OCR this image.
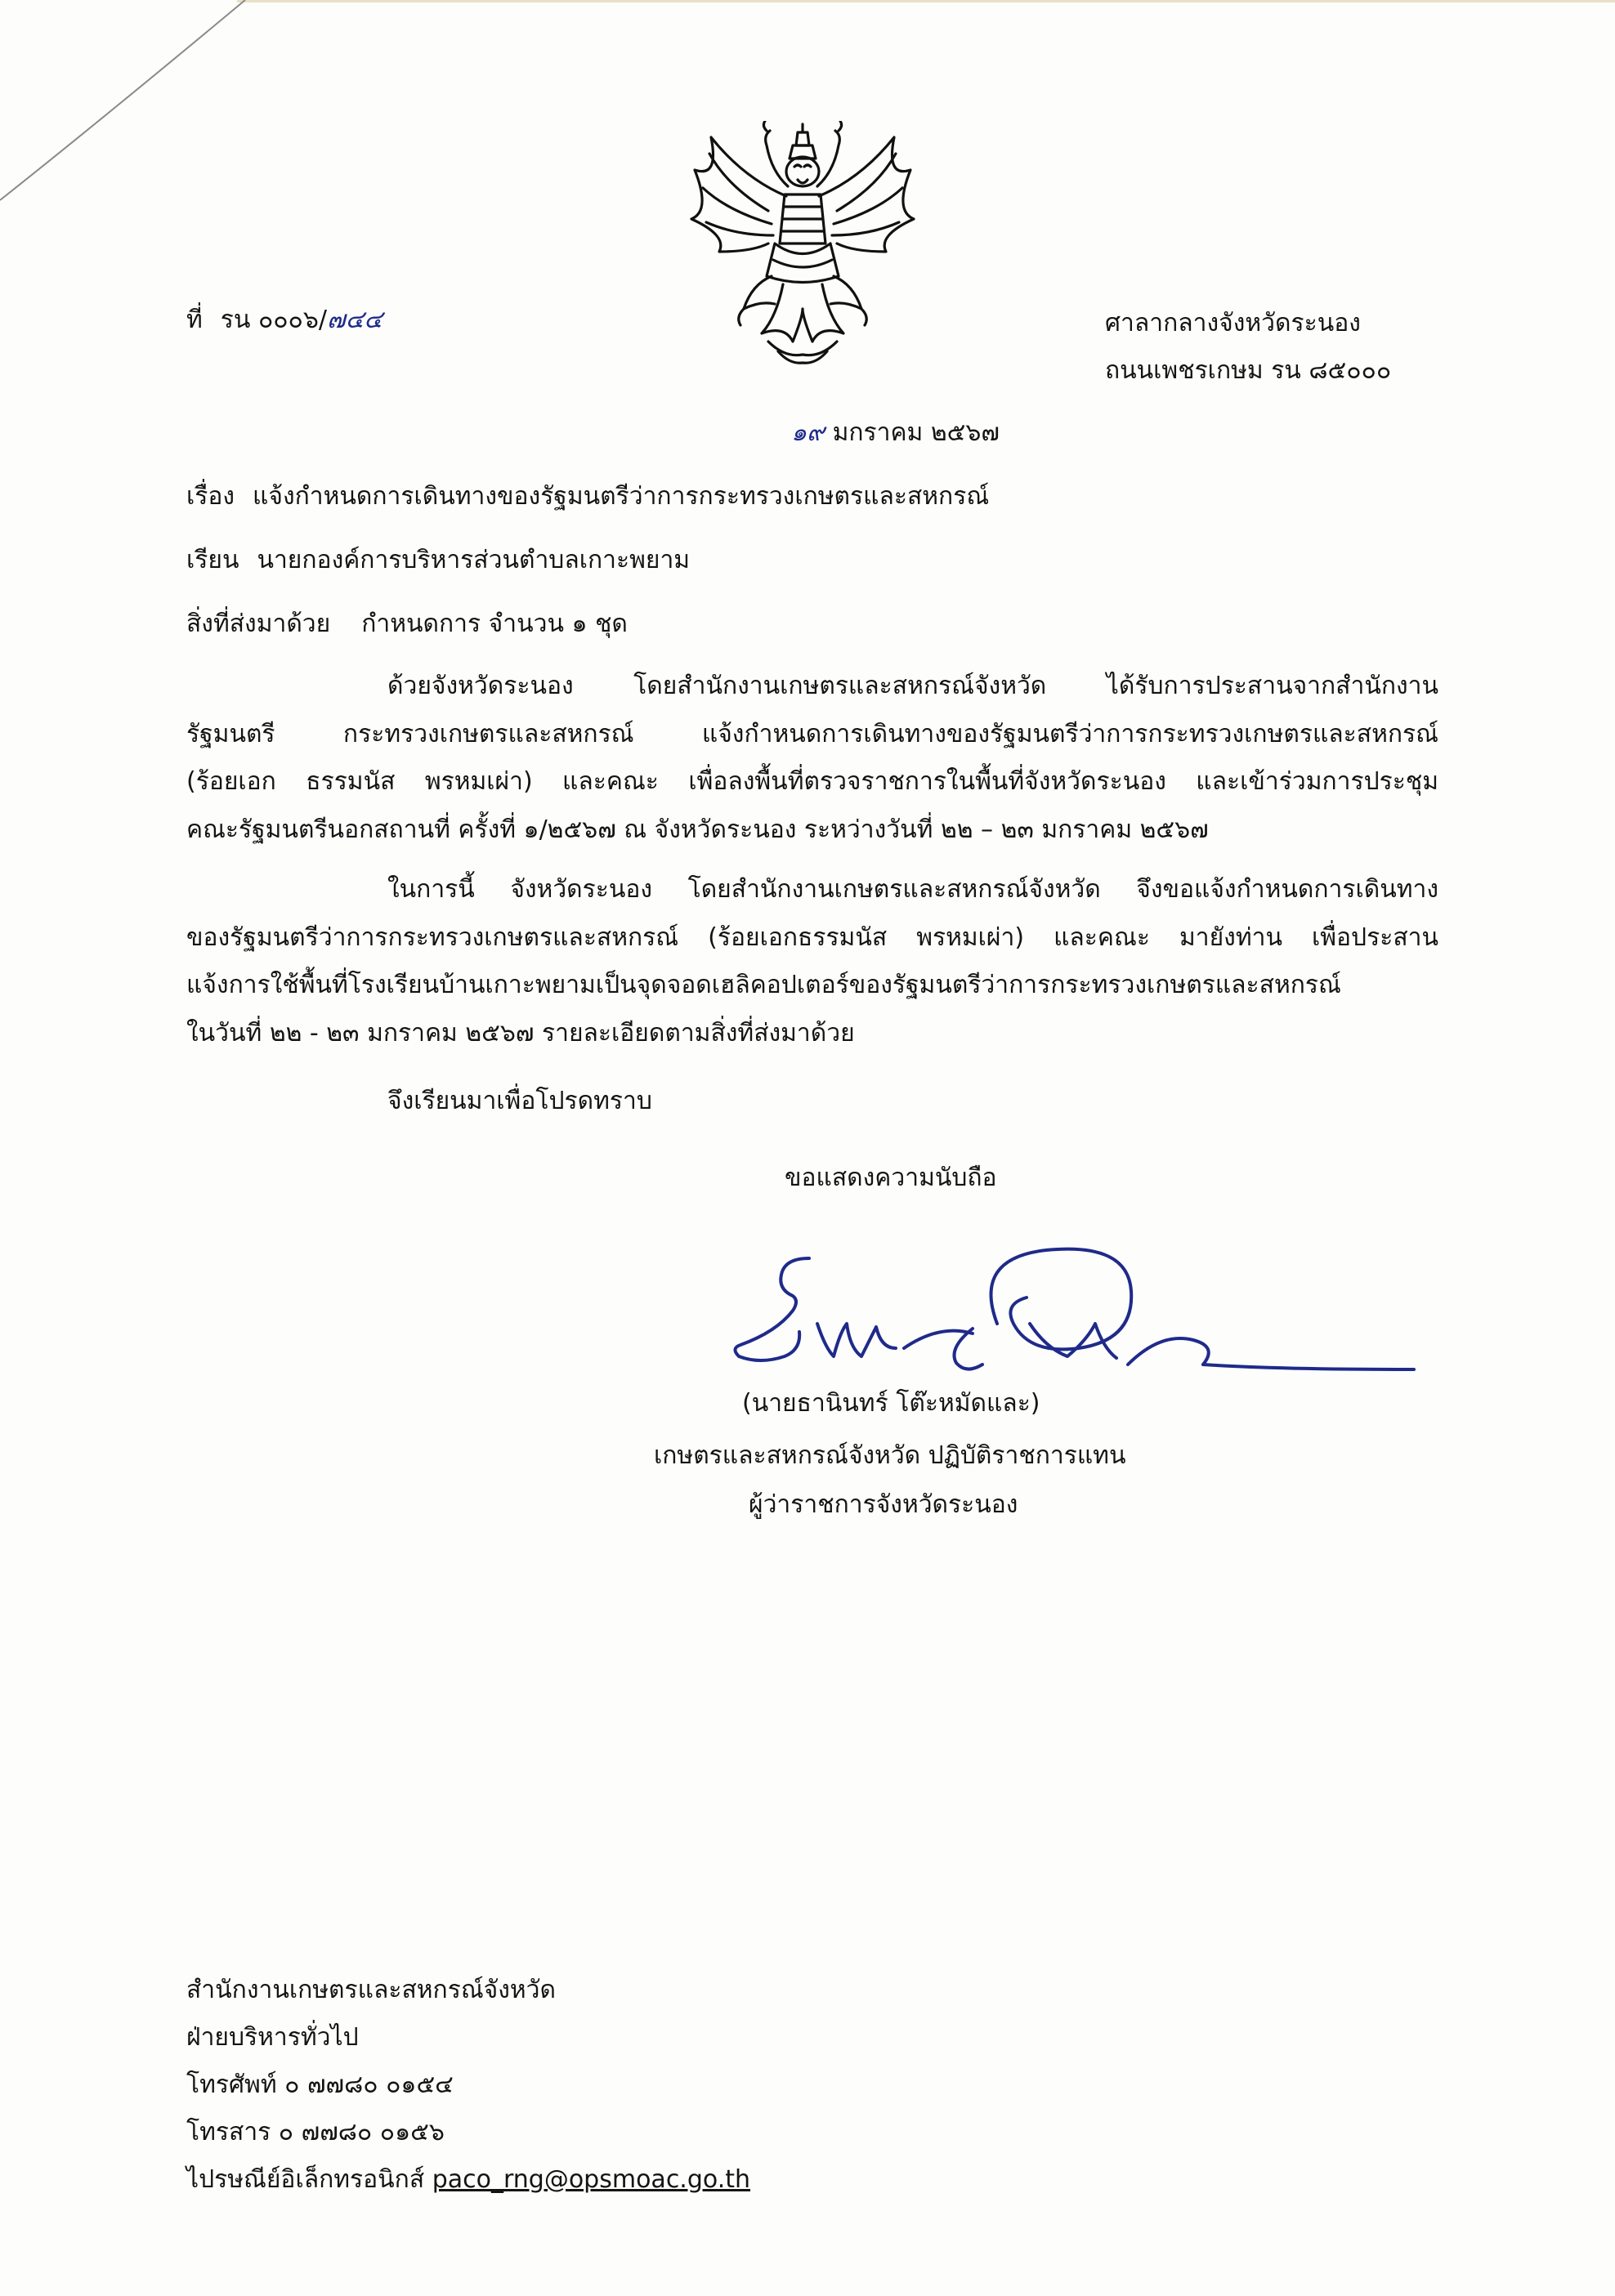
ที่ รน ๐๐๐๖/๗๔๔	ศาลากลางจังหวัดระนอง
ถนนเพชรเกษม รน ๘๕๐๐๐
๑๙ มกราคม ๒๕๖๗
เรื่อง แจ้งกำหนดการเดินทางของรัฐมนตรีว่าการกระทรวงเกษตรและสหกรณ์
เรียน นายกองค์การบริหารส่วนตำบลเกาะพยาม
สิ่งที่ส่งมาด้วย กำหนดการ จำนวน ๑ ชุด
ด้วยจังหวัดระนอง โดยสำนักงานเกษตรและสหกรณ์จังหวัด ได้รับการประสานจากสำนักงาน
รัฐมนตรี กระทรวงเกษตรและสหกรณ์ แจ้งกำหนดการเดินทางของรัฐมนตรีว่าการกระทรวงเกษตรและสหกรณ์
(ร้อยเอก ธรรมนัส พรหมเผ่า) และคณะ เพื่อลงพื้นที่ตรวจราชการในพื้นที่จังหวัดระนอง และเข้าร่วมการประชุม
คณะรัฐมนตรีนอกสถานที่ ครั้งที่ ๑/๒๕๖๗ ณ จังหวัดระนอง ระหว่างวันที่ ๒๒ – ๒๓ มกราคม ๒๕๖๗
ในการนี้ จังหวัดระนอง โดยสำนักงานเกษตรและสหกรณ์จังหวัด จึงขอแจ้งกำหนดการเดินทาง
ของรัฐมนตรีว่าการกระทรวงเกษตรและสหกรณ์ (ร้อยเอกธรรมนัส พรหมเผ่า) และคณะ มายังท่าน เพื่อประสาน
แจ้งการใช้พื้นที่โรงเรียนบ้านเกาะพยามเป็นจุดจอดเฮลิคอปเตอร์ของรัฐมนตรีว่าการกระทรวงเกษตรและสหกรณ์
ในวันที่ ๒๒ - ๒๓ มกราคม ๒๕๖๗ รายละเอียดตามสิ่งที่ส่งมาด้วย
จึงเรียนมาเพื่อโปรดทราบ
ขอแสดงความนับถือ
(นายธานินทร์ โต๊ะหมัดและ)
เกษตรและสหกรณ์จังหวัด ปฏิบัติราชการแทน
ผู้ว่าราชการจังหวัดระนอง
สำนักงานเกษตรและสหกรณ์จังหวัด
ฝ่ายบริหารทั่วไป
โทรศัพท์ ๐ ๗๗๘๐ ๐๑๕๔
โทรสาร ๐ ๗๗๘๐ ๐๑๕๖
ไปรษณีย์อิเล็กทรอนิกส์ paco_rng@opsmoac.go.th
